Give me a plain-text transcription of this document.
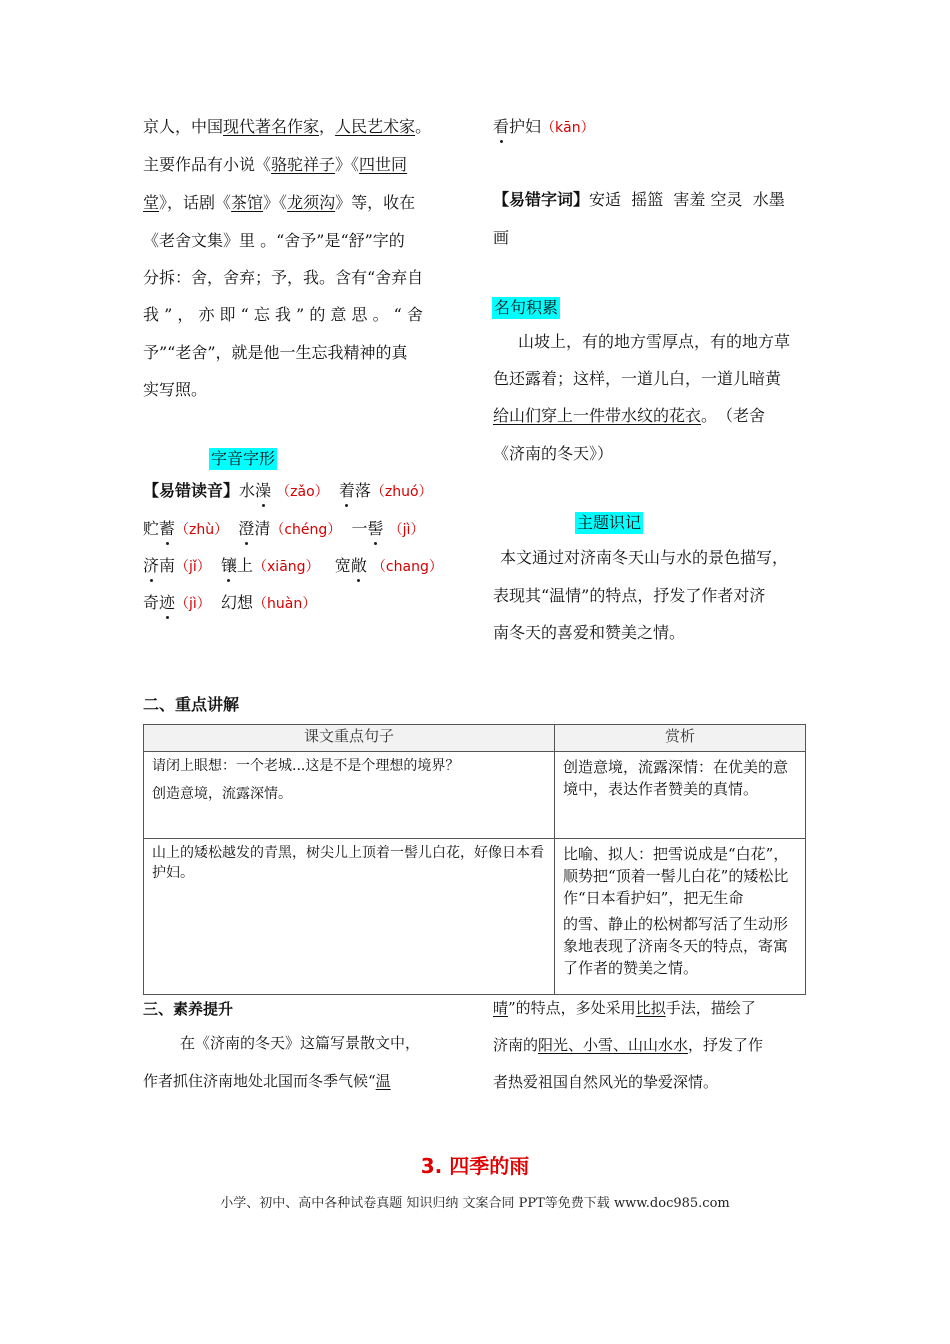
京人，中国现代著名作家，人民艺术家。
主要作品有小说《骆驼祥子》《四世同
堂》，话剧《茶馆》《龙须沟》等，收在
《老舍文集》里 。“舍予”是“舒”字的
分拆：舍，舍弃；予，我。含有“舍弃自
我 ” ， 亦 即 “ 忘 我 ” 的 意 思 。 “ 舍
予”“老舍”，就是他一生忘我精神的真
实写照。
字音字形
【易错读音】水澡 （zǎo） 着落（zhuó）
贮蓄（zhù） 澄清（chéng） 一髻 （jì）
济南（jǐ） 镶上（xiāng） 宽敞 （chang）
奇迹（jì） 幻想（huàn）
看护妇（kān）
【易错字词】安适 摇篮 害羞 空灵 水墨
画
名句积累
山坡上，有的地方雪厚点，有的地方草
色还露着；这样，一道儿白，一道儿暗黄
给山们穿上一件带水纹的花衣。　（老舍
《济南的冬天》）
主题识记
本文通过对济南冬天山与水的景色描写，
表现其“温情”的特点，抒发了作者对济
南冬天的喜爱和赞美之情。
二、重点讲解
课文重点句子	赏析

请闭上眼想：一个老城...这是不是个理想的境界？

创造意境，流露深情。	创造意境，流露深情：在优美的意境中，表达作者赞美的真情。

山上的矮松越发的青黑，树尖儿上顶着一髻儿白花，好像日本看护妇。	比喻、拟人：把雪说成是“白花”，顺势把“顶着一髻儿白花”的矮松比作“日本看护妇”，把无生命
的雪、静止的松树都写活了生动形象地表现了济南冬天的特点，寄寓了作者的赞美之情。
三、素养提升
在《济南的冬天》这篇写景散文中，
作者抓住济南地处北国而冬季气候“温
晴”的特点，多处采用比拟手法，描绘了
济南的阳光、小雪、山山水水，抒发了作
者热爱祖国自然风光的挚爱深情。
3. 四季的雨
小学、初中、高中各种试卷真题 知识归纳 文案合同 PPT等免费下载 www.doc985.com
